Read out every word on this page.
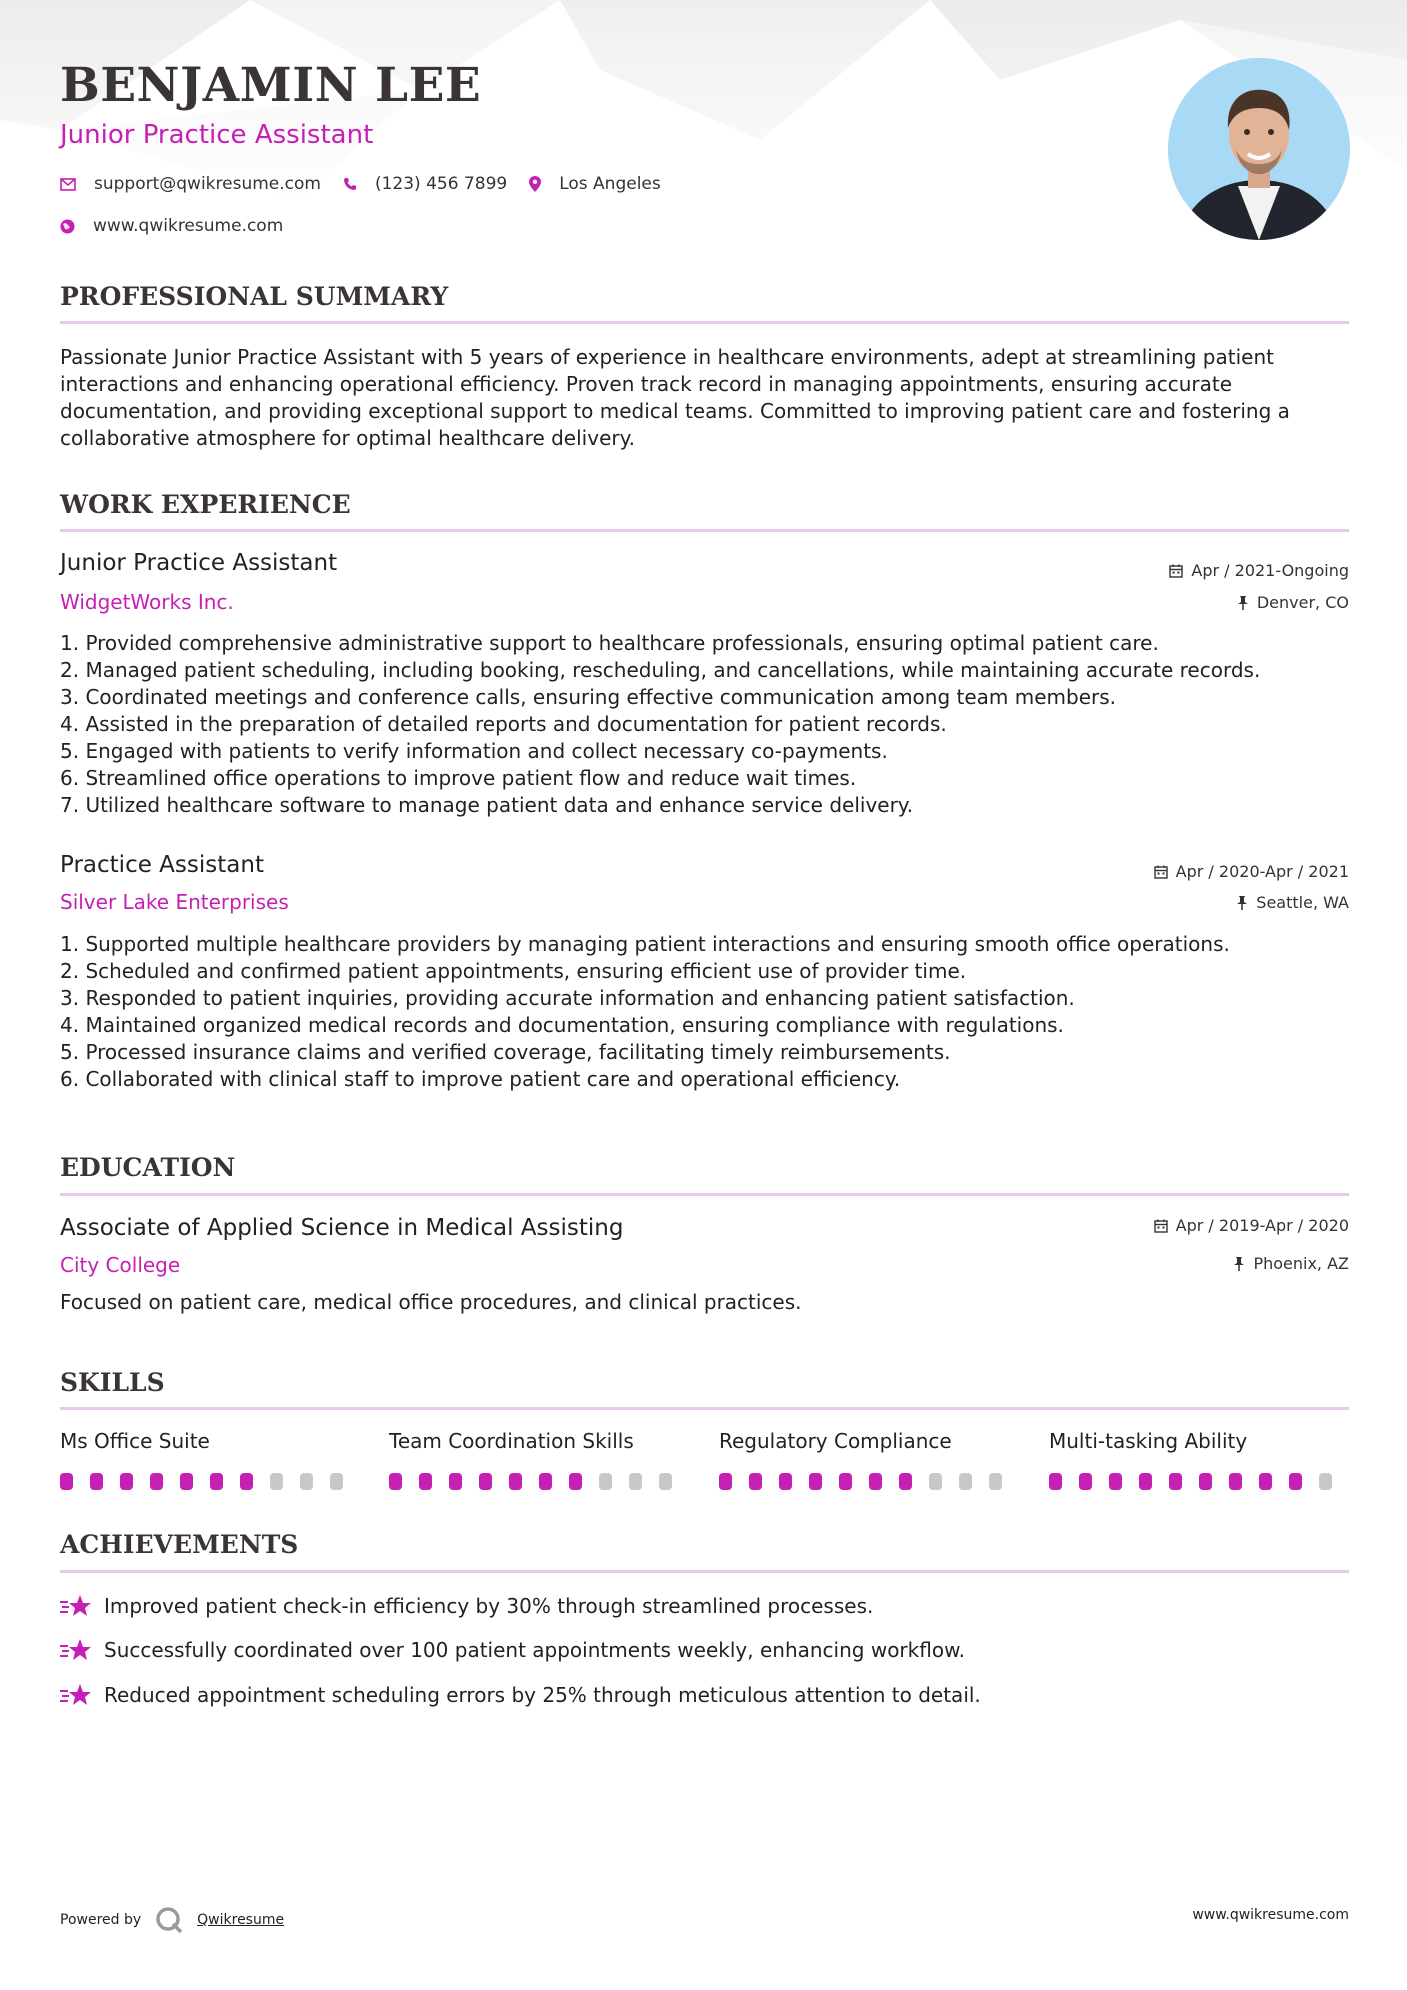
BENJAMIN LEE
Junior Practice Assistant
support@qwikresume.com	(123) 456 7899	Los Angeles
www.qwikresume.com
PROFESSIONAL SUMMARY
Passionate Junior Practice Assistant with 5 years of experience in healthcare environments, adept at streamlining patient interactions and enhancing operational efficiency. Proven track record in managing appointments, ensuring accurate documentation, and providing exceptional support to medical teams. Committed to improving patient care and fostering a collaborative atmosphere for optimal healthcare delivery.
WORK EXPERIENCE
Junior Practice Assistant	Apr / 2021-Ongoing
WidgetWorks Inc.	Denver, CO
1. Provided comprehensive administrative support to healthcare professionals, ensuring optimal patient care.
2. Managed patient scheduling, including booking, rescheduling, and cancellations, while maintaining accurate records.
3. Coordinated meetings and conference calls, ensuring effective communication among team members.
4. Assisted in the preparation of detailed reports and documentation for patient records.
5. Engaged with patients to verify information and collect necessary co-payments.
6. Streamlined office operations to improve patient flow and reduce wait times.
7. Utilized healthcare software to manage patient data and enhance service delivery.
Practice Assistant	Apr / 2020-Apr / 2021
Silver Lake Enterprises	Seattle, WA
1. Supported multiple healthcare providers by managing patient interactions and ensuring smooth office operations.
2. Scheduled and confirmed patient appointments, ensuring efficient use of provider time.
3. Responded to patient inquiries, providing accurate information and enhancing patient satisfaction.
4. Maintained organized medical records and documentation, ensuring compliance with regulations.
5. Processed insurance claims and verified coverage, facilitating timely reimbursements.
6. Collaborated with clinical staff to improve patient care and operational efficiency.
EDUCATION
Associate of Applied Science in Medical Assisting	Apr / 2019-Apr / 2020
City College	Phoenix, AZ
Focused on patient care, medical office procedures, and clinical practices.
SKILLS
Ms Office Suite	Team Coordination Skills	Regulatory Compliance	Multi-tasking Ability
ACHIEVEMENTS
Improved patient check-in efficiency by 30% through streamlined processes.
Successfully coordinated over 100 patient appointments weekly, enhancing workflow.
Reduced appointment scheduling errors by 25% through meticulous attention to detail.
Powered by	Qwikresume	www.qwikresume.com
